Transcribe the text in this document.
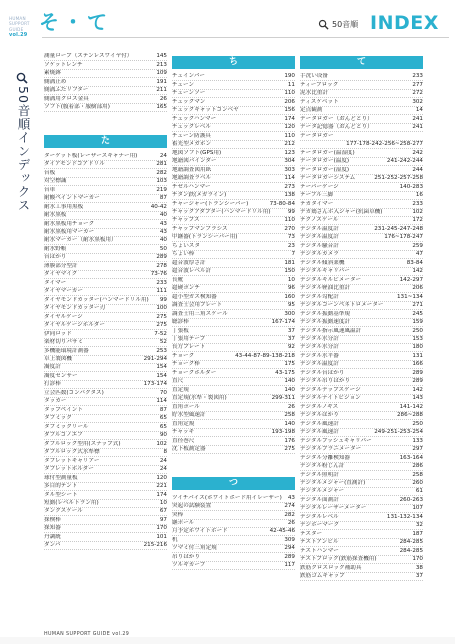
HUMAN
SUPPORT
GUIDE
vol.29
50音順インデックス
そ・て	50音順 INDEX
測量ロープ（ステンレスワイヤ付）	145
ソケットレンチ	213
素焼鉢	109
側溝止め	191
側溝ふたリフター	211
側溝用クロス金具	26
ソフト(腹着部・服樹部用)	165
た
ターゲット板(レーザースキャナー用)	24
ダイアモンドコアドリル	281
台板	282
対空標識	103
台車	219
耐酸ペイントマーカー	87
耐水工事用黒板	40-42
耐水黒板	40
耐水黒板用チョーク	43
耐水黒板用マーカー	43
耐水マーカー（耐水黒板用）	40
耐水野帳	50
台はかり	289
薄膜部分型計	278
ダイヤマイク	73-76
タイマー	233
ダイヤマーカー	111
ダイヤモンドカッター(ハンマードリル用)	99
ダイヤモンドカッター刃	100
ダイヤルゲージ	275
ダイヤルゲージホルダー	275
伊同ロッド	7-52
楽材切りバサミ	52
多機能環境計測器	253
卓上製図機	291-294
濁度計	154
濁度センサー	154
打診棒	173-174
立会匹数(コンパクタス)	70
タッカー	114
タップペイント	87
タブミック	65
タブミックリール	65
ダブルコノエフ	90
ダブルロック型用(スナップ式)	102
ダブルロック式水準標	8
タブレットキャリアー	24
タブレットホルダー	24
球付型測量板	120
多目的テント	221
タル型シート	174
短動(レベルトラン用)	10
タンクスケール	67
探検棒	97
探知器	170
丹調統	101
ダンパ	215-216
ち
チェインバー	190
チェーン	11
チェーンソー	110
チェックマン	206
チェックキャットコンベヤ	156
チェックハンマー	174
チェックレベル	120
チェーン防護具	110
蓄光型メガホン	212
地図ソフト(GPS用)	123
地籍図バインダー	304
地籍調査図用紙	303
地籍調査ラベル	114
チゼルハンマー	273
チタン鉄(メガライン)	138
チャージャー(トランシーバー)	73-80-84
チャックアダプター(ハンマードリル用)	99
チャップス	110
チャップマンブラシス	270
中継器(トランシーバー用)	73
ちょいスタ	23
ちょい棒	7
超音波厚さ計	181
超音波レベル計	150
長靴	10
超硬ポンチ	96
超小型ガス検知器	160
調査士会用プレート	95
調査士用三角スケール	300
聴診棒	167-174
丁張板	37
丁張用テープ	37
長方プレート	92
チョーク	43-44-87-89-138-218
チョーク棒	175
チョークホルダー	43-175
直尺	140
直定規	140
直定規(水準・製図用)	299-311
直角ポール	26
貯水型風速計	258
直角定規	140
チャッキ	193-198
直径巻尺	176
沈下板測定器	275
つ
ツイチバイス(ホワイトボード用イレーザー)	43
突起の試験装置	274
突棒	282
継ポール	26
月予定ホワイトボード	42-45-46
机	309
ツマミ付三角定規	294
吊りはかり	289
ツルギカーブ	117
て
手洗い设备	233
ティーブロック	277
泥水比重計	272
ディスケベット	302
定点観測	14
データロガー（おんどとり）	241
データ記憶器（おんどとり）	241
データロガー
177-178-242-256~258-277
テータロガー(温湿度)	242
データロガー(温度)	241-242-244
データロガー(湿度)	244
データロガーシステム	251-252-257-258
テーパーゲージ	140-283
テーブル三脚	16
テカタイマー	233
デカ鶏さんボ入ジャー(抗菌卓機)	102
テクノスケール	172
デジタル温度計	231-245-247-248
デジタル温度計	176~178-247
デジタル騒音計	259
デジタルカメラ	47
デジタル傾斜業機	83-84
デジタルキャリパー	142
デジタルキルビメーター	142-297
デジタル軽油比重計	206
デジタル勾配計	131~134
デジタルコーンペネトロメーター	271
デジタル振動基準規	245
デジタル振動速度計	159
デジタル指示風速風温計	250
デジタル水分計	153
デジタル水分計	180
デジタル水平器	131
デジタル温度計	166
デジタル台はかり	289
デジタル吊りはかり	289
デジタルデップスゲージ	142
デジタルナイトビジョン	143
デジタルノギス	141-142
デジタルはかり	286~288
デジタル風速計	250
デジタル風速計	249-251-253-254
デジタルプッシュキャリパー	133
デジタルプラニメーター	297
デジタル分離検知器	163-164
デジタル粉じん計	286
デジタル照明計	258
デジタルメジャー(直測計)	260
デジタルメジャー	61
デジタル面測計	260-263
デジタルレーザーメーター	107
デジタルレベル	131-132-134
デジボーマーク	32
テスター	187
テストアンビル	284-285
テストハンマー	284-285
テストプロック(鉄筋探査機用)	170
鉄筋クロスロック補助具	38
鉄筋ゴムキャップ	37
HUMAN SUPPORT GUIDE vol.29
